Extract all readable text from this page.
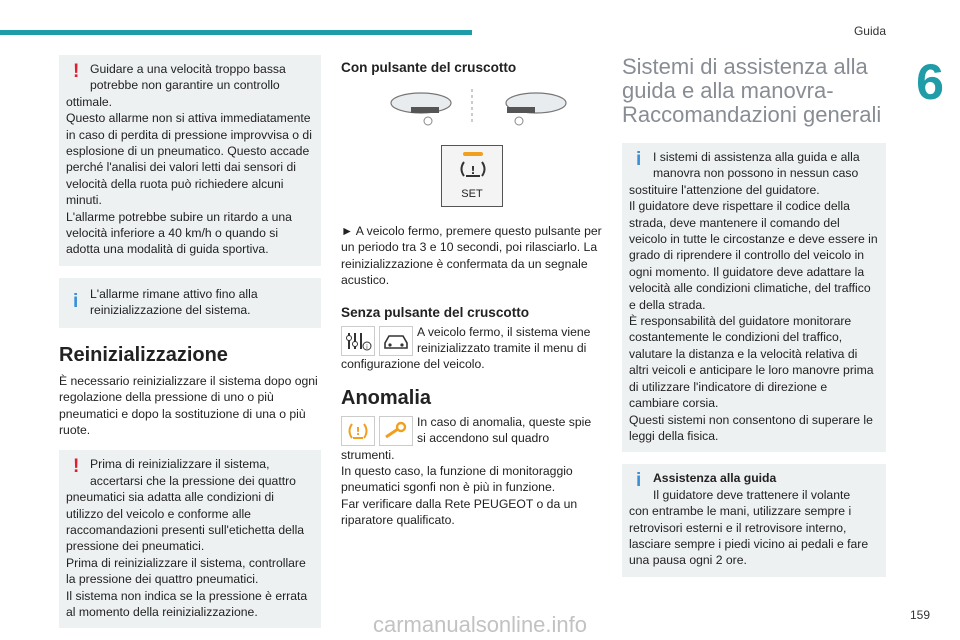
Guida
6
! Guidare a una velocità troppo bassa potrebbe non garantire un controllo

ottimale.
Questo allarme non si attiva immediatamente in caso di perdita di pressione improvvisa o di esplosione di un pneumatico. Questo accade perché l'analisi dei valori letti dai sensori di velocità della ruota può richiedere alcuni minuti.
L'allarme potrebbe subire un ritardo a una velocità inferiore a 40 km/h o quando si adotta una modalità di guida sportiva.

i L'allarme rimane attivo fino alla reinizializzazione del sistema.

Reinizializzazione

È necessario reinizializzare il sistema dopo ogni regolazione della pressione di uno o più pneumatici e dopo la sostituzione di una o più ruote.

! Prima di reinizializzare il sistema, accertarsi che la pressione dei quattro

pneumatici sia adatta alle condizioni di utilizzo del veicolo e conforme alle raccomandazioni presenti sull'etichetta della pressione dei pneumatici.
Prima di reinizializzare il sistema, controllare la pressione dei quattro pneumatici.
Il sistema non indica se la pressione è errata al momento della reinizializzazione.

Con pulsante del cruscotto
!
SET

► A veicolo fermo, premere questo pulsante per un periodo tra 3 e 10 secondi, poi rilasciarlo. La reinizializzazione è confermata da un segnale acustico.

Senza pulsante del cruscotto
i

A veicolo fermo, il sistema viene reinizializzato tramite il menu di configurazione del veicolo.

Anomalia
!

In caso di anomalia, queste spie si accendono sul quadro strumenti.
In questo caso, la funzione di monitoraggio pneumatici sgonfi non è più in funzione.
Far verificare dalla Rete PEUGEOT o da un riparatore qualificato.

Sistemi di assistenza alla guida e alla manovra-Raccomandazioni generali
i I sistemi di assistenza alla guida e alla manovra non possono in nessun caso

sostituire l'attenzione del guidatore.
Il guidatore deve rispettare il codice della strada, deve mantenere il comando del veicolo in tutte le circostanze e deve essere in grado di riprendere il controllo del veicolo in ogni momento. Il guidatore deve adattare la velocità alle condizioni climatiche, del traffico e della strada.
È responsabilità del guidatore monitorare costantemente le condizioni del traffico, valutare la distanza e la velocità relativa di altri veicoli e anticipare le loro manovre prima di utilizzare l'indicatore di direzione e cambiare corsia.
Questi sistemi non consentono di superare le leggi della fisica.

i Assistenza alla guida

Il guidatore deve trattenere il volante

con entrambe le mani, utilizzare sempre i retrovisori esterni e il retrovisore interno, lasciare sempre i piedi vicino ai pedali e fare una pausa ogni 2 ore.

159
carmanualsonline.info
